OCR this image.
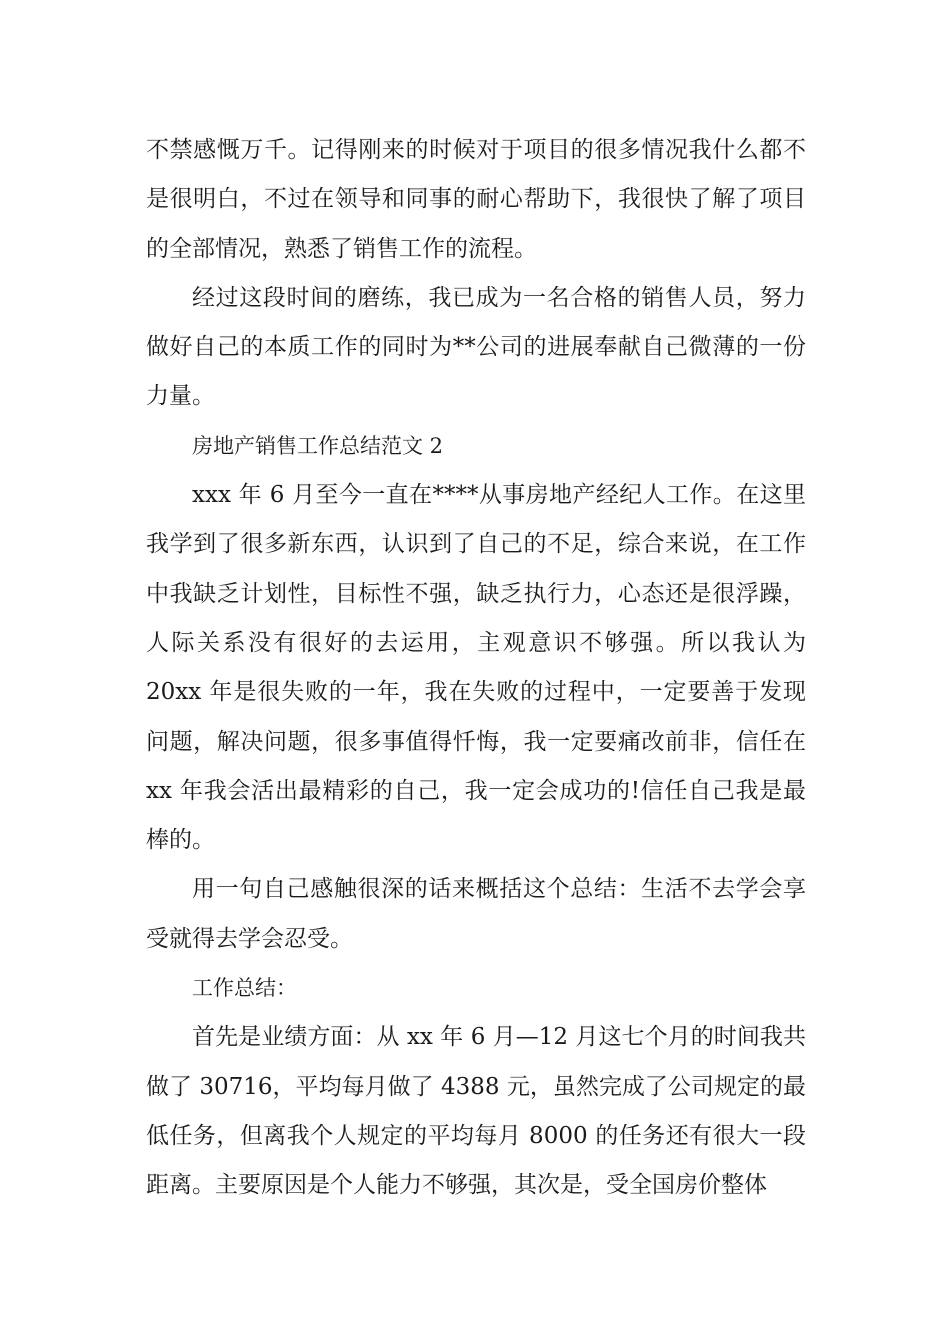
不禁感慨万千。记得刚来的时候对于项目的很多情况我什么都不是很明白，不过在领导和同事的耐心帮助下，我很快了解了项目的全部情况，熟悉了销售工作的流程。

经过这段时间的磨练，我已成为一名合格的销售人员，努力做好自己的本质工作的同时为**公司的进展奉献自己微薄的一份力量。

房地产销售工作总结范文 2

xxx 年 6 月至今一直在****从事房地产经纪人工作。在这里我学到了很多新东西，认识到了自己的不足，综合来说，在工作中我缺乏计划性，目标性不强，缺乏执行力，心态还是很浮躁，人际关系没有很好的去运用，主观意识不够强。所以我认为 20xx 年是很失败的一年，我在失败的过程中，一定要善于发现问题，解决问题，很多事值得忏悔，我一定要痛改前非，信任在 xx 年我会活出最精彩的自己，我一定会成功的!信任自己我是最棒的。

用一句自己感触很深的话来概括这个总结：生活不去学会享受就得去学会忍受。

工作总结：

首先是业绩方面：从 xx 年 6 月—12 月这七个月的时间我共做了 30716，平均每月做了 4388 元，虽然完成了公司规定的最低任务，但离我个人规定的平均每月 8000 的任务还有很大一段距离。主要原因是个人能力不够强，其次是，受全国房价整体
